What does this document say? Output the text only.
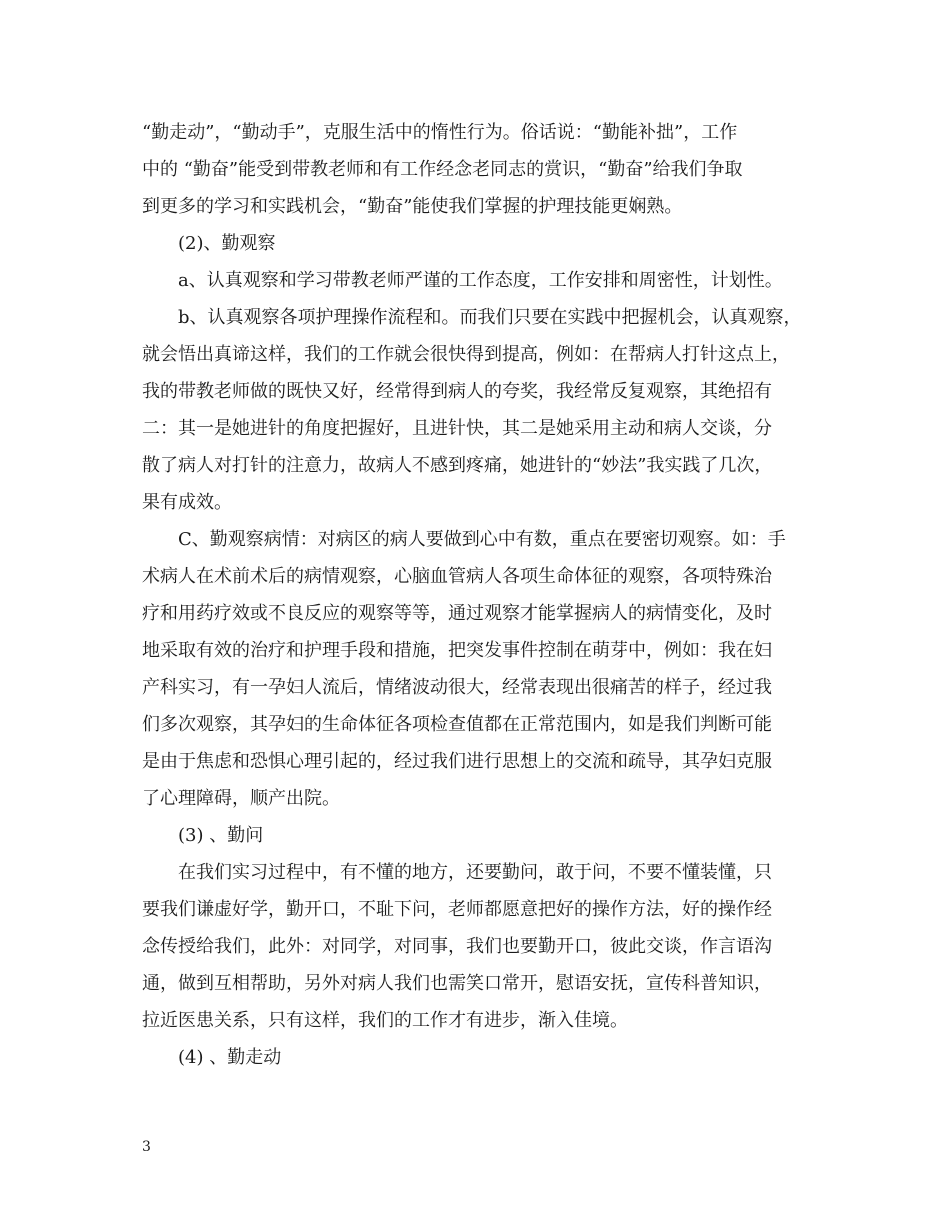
“勤走动”，“勤动手”，克服生活中的惰性行为。俗话说：“勤能补拙”，工作
中的 “勤奋”能受到带教老师和有工作经念老同志的赏识，“勤奋”给我们争取
到更多的学习和实践机会，“勤奋”能使我们掌握的护理技能更娴熟。
(2)、勤观察
a、认真观察和学习带教老师严谨的工作态度，工作安排和周密性，计划性。
b、认真观察各项护理操作流程和。而我们只要在实践中把握机会，认真观察，
就会悟出真谛这样，我们的工作就会很快得到提高，例如：在帮病人打针这点上，
我的带教老师做的既快又好，经常得到病人的夸奖，我经常反复观察，其绝招有
二：其一是她进针的角度把握好，且进针快，其二是她采用主动和病人交谈，分
散了病人对打针的注意力，故病人不感到疼痛，她进针的“妙法”我实践了几次，
果有成效。
C、勤观察病情：对病区的病人要做到心中有数，重点在要密切观察。如：手
术病人在术前术后的病情观察，心脑血管病人各项生命体征的观察，各项特殊治
疗和用药疗效或不良反应的观察等等，通过观察才能掌握病人的病情变化，及时
地采取有效的治疗和护理手段和措施，把突发事件控制在萌芽中，例如：我在妇
产科实习，有一孕妇人流后，情绪波动很大，经常表现出很痛苦的样子，经过我
们多次观察，其孕妇的生命体征各项检查值都在正常范围内，如是我们判断可能
是由于焦虑和恐惧心理引起的，经过我们进行思想上的交流和疏导，其孕妇克服
了心理障碍，顺产出院。
(3) 、勤问
在我们实习过程中，有不懂的地方，还要勤问，敢于问，不要不懂装懂，只
要我们谦虚好学，勤开口，不耻下问，老师都愿意把好的操作方法，好的操作经
念传授给我们，此外：对同学，对同事，我们也要勤开口，彼此交谈，作言语沟
通，做到互相帮助，另外对病人我们也需笑口常开，慰语安抚，宣传科普知识，
拉近医患关系，只有这样，我们的工作才有进步，渐入佳境。
(4) 、勤走动
3
